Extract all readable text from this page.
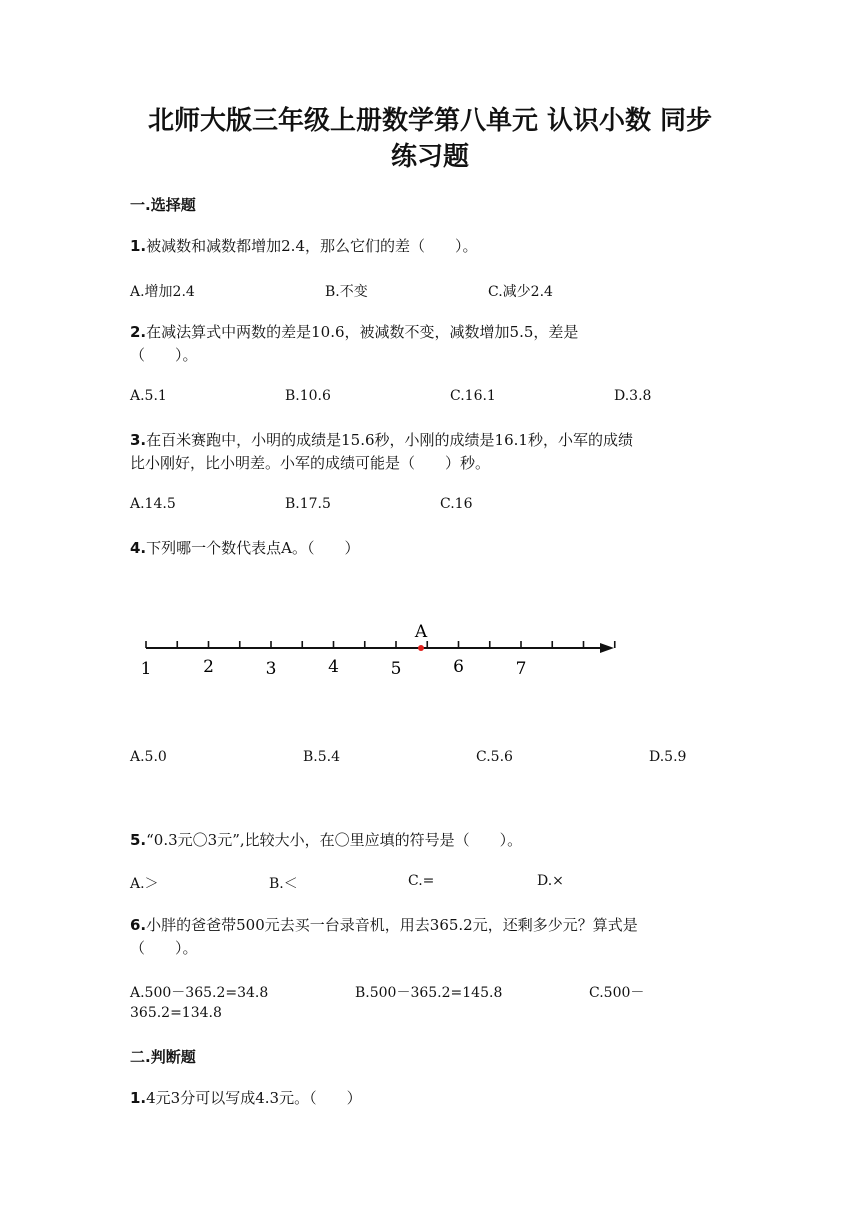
北师大版三年级上册数学第八单元 认识小数 同步
练习题
一.选择题
1.被减数和减数都增加2.4，那么它们的差（　　）。
A.增加2.4	B.不变	C.减少2.4
2.在减法算式中两数的差是10.6，被减数不变，减数增加5.5，差是
（　　）。
A.5.1	B.10.6	C.16.1	D.3.8
3.在百米赛跑中，小明的成绩是15.6秒，小刚的成绩是16.1秒，小军的成绩
比小刚好，比小明差。小军的成绩可能是（　　）秒。
A.14.5	B.17.5	C.16
4.下列哪一个数代表点A。（　　）
1	2	3	4	5	6	7
A
A.5.0	B.5.4	C.5.6	D.5.9
5.“0.3元〇3元”,比较大小，在〇里应填的符号是（　　）。
A.＞	B.＜	C.=	D.×
6.小胖的爸爸带500元去买一台录音机，用去365.2元，还剩多少元？算式是
（　　）。
A.500－365.2=34.8	B.500－365.2=145.8	C.500－
365.2=134.8
二.判断题
1.4元3分可以写成4.3元。（　　）
